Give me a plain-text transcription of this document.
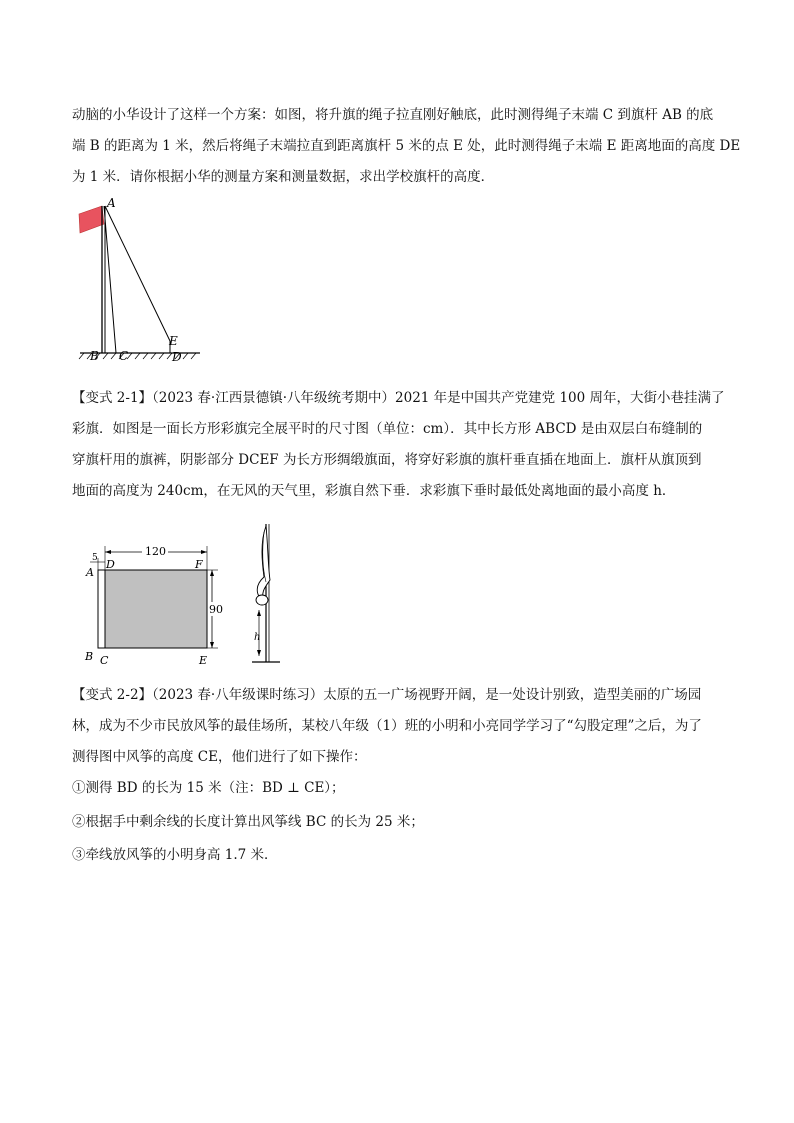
动脑的小华设计了这样一个方案：如图，将升旗的绳子拉直刚好触底，此时测得绳子末端 C 到旗杆 AB 的底
端 B 的距离为 1 米，然后将绳子末端拉直到距离旗杆 5 米的点 E 处，此时测得绳子末端 E 距离地面的高度 DE
为 1 米．请你根据小华的测量方案和测量数据，求出学校旗杆的高度．
A
B C
E
D
【变式 2-1】（2023 春·江西景德镇·八年级统考期中）2021 年是中国共产党建党 100 周年，大街小巷挂满了
彩旗．如图是一面长方形彩旗完全展平时的尺寸图（单位：cm）．其中长方形 ABCD 是由双层白布缝制的
穿旗杆用的旗裤，阴影部分 DCEF 为长方形绸缎旗面，将穿好彩旗的旗杆垂直插在地面上．旗杆从旗顶到
地面的高度为 240cm，在无风的天气里，彩旗自然下垂．求彩旗下垂时最低处离地面的最小高度 h．
120
90
5 D	F
A
B C	E
h
【变式 2-2】（2023 春·八年级课时练习）太原的五一广场视野开阔，是一处设计别致，造型美丽的广场园
林，成为不少市民放风筝的最佳场所，某校八年级（1）班的小明和小亮同学学习了“勾股定理”之后，为了
测得图中风筝的高度 CE，他们进行了如下操作：
①测得 BD 的长为 15 米（注：BD ⊥ CE）；
②根据手中剩余线的长度计算出风筝线 BC 的长为 25 米；
③牵线放风筝的小明身高 1.7 米．
